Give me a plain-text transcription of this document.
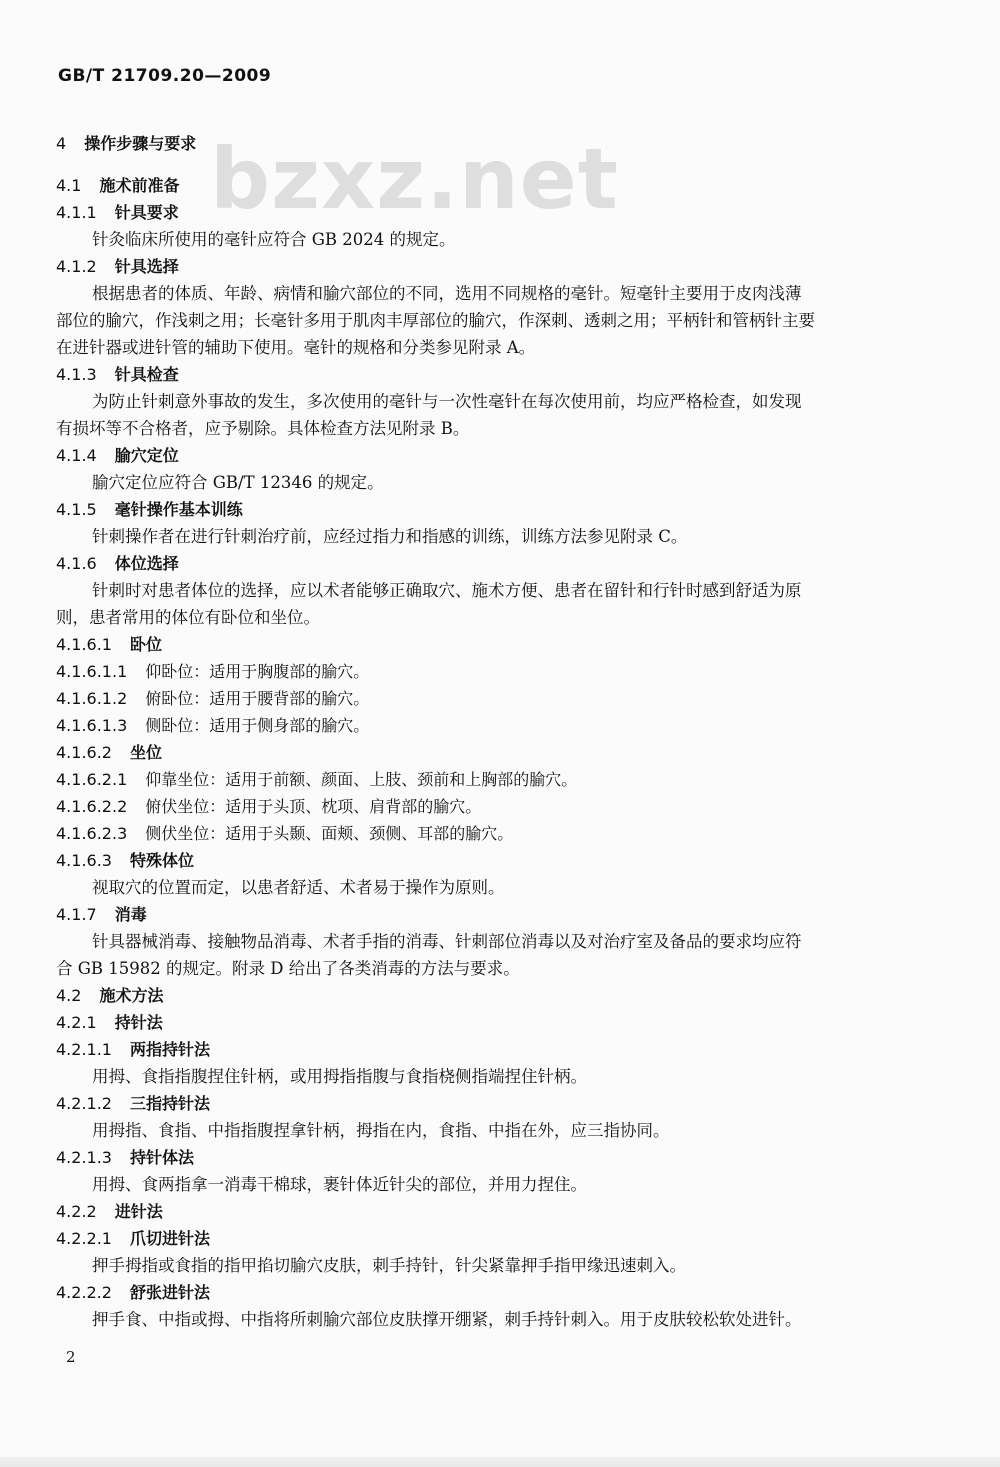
GB/T 21709.20—2009
bzxz.net
4 操作步骤与要求
4.1 施术前准备
4.1.1 针具要求
针灸临床所使用的毫针应符合 GB 2024 的规定。
4.1.2 针具选择
根据患者的体质、年龄、病情和腧穴部位的不同，选用不同规格的毫针。短毫针主要用于皮肉浅薄
部位的腧穴，作浅刺之用；长毫针多用于肌肉丰厚部位的腧穴，作深刺、透刺之用；平柄针和管柄针主要
在进针器或进针管的辅助下使用。毫针的规格和分类参见附录 A。
4.1.3 针具检查
为防止针刺意外事故的发生，多次使用的毫针与一次性毫针在每次使用前，均应严格检查，如发现
有损坏等不合格者，应予剔除。具体检查方法见附录 B。
4.1.4 腧穴定位
腧穴定位应符合 GB/T 12346 的规定。
4.1.5 毫针操作基本训练
针刺操作者在进行针刺治疗前，应经过指力和指感的训练，训练方法参见附录 C。
4.1.6 体位选择
针刺时对患者体位的选择，应以术者能够正确取穴、施术方便、患者在留针和行针时感到舒适为原
则，患者常用的体位有卧位和坐位。
4.1.6.1 卧位
4.1.6.1.1 仰卧位：适用于胸腹部的腧穴。
4.1.6.1.2 俯卧位：适用于腰背部的腧穴。
4.1.6.1.3 侧卧位：适用于侧身部的腧穴。
4.1.6.2 坐位
4.1.6.2.1 仰靠坐位：适用于前额、颜面、上肢、颈前和上胸部的腧穴。
4.1.6.2.2 俯伏坐位：适用于头顶、枕项、肩背部的腧穴。
4.1.6.2.3 侧伏坐位：适用于头颞、面颊、颈侧、耳部的腧穴。
4.1.6.3 特殊体位
视取穴的位置而定，以患者舒适、术者易于操作为原则。
4.1.7 消毒
针具器械消毒、接触物品消毒、术者手指的消毒、针刺部位消毒以及对治疗室及备品的要求均应符
合 GB 15982 的规定。附录 D 给出了各类消毒的方法与要求。
4.2 施术方法
4.2.1 持针法
4.2.1.1 两指持针法
用拇、食指指腹捏住针柄，或用拇指指腹与食指桡侧指端捏住针柄。
4.2.1.2 三指持针法
用拇指、食指、中指指腹捏拿针柄，拇指在内，食指、中指在外，应三指协同。
4.2.1.3 持针体法
用拇、食两指拿一消毒干棉球，裹针体近针尖的部位，并用力捏住。
4.2.2 进针法
4.2.2.1 爪切进针法
押手拇指或食指的指甲掐切腧穴皮肤，刺手持针，针尖紧靠押手指甲缘迅速刺入。
4.2.2.2 舒张进针法
押手食、中指或拇、中指将所刺腧穴部位皮肤撑开绷紧，刺手持针刺入。用于皮肤较松软处进针。
2
